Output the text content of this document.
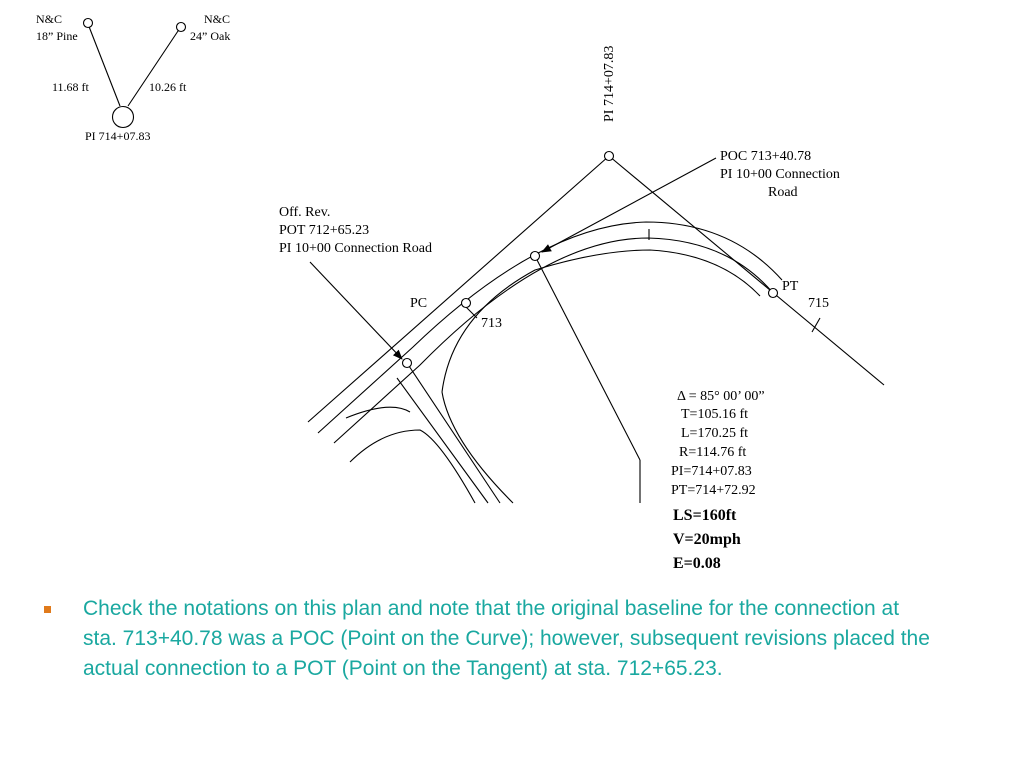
N&C
18” Pine
N&C
24” Oak
11.68 ft	10.26 ft
PI 714+07.83
PI 714+07.83
POC 713+40.78
PI 10+00 Connection
Road
Off. Rev.
POT 712+65.23
PI 10+00 Connection Road
PC
713
PT
715
Δ = 85° 00’ 00”
T=105.16 ft
L=170.25 ft
R=114.76 ft
PI=714+07.83
PT=714+72.92
LS=160ft
V=20mph
E=0.08
Check the notations on this plan and note that the original baseline for the connection at sta. 713+40.78 was a POC (Point on the Curve); however, subsequent revisions placed the actual connection to a POT (Point on the Tangent) at sta. 712+65.23.
